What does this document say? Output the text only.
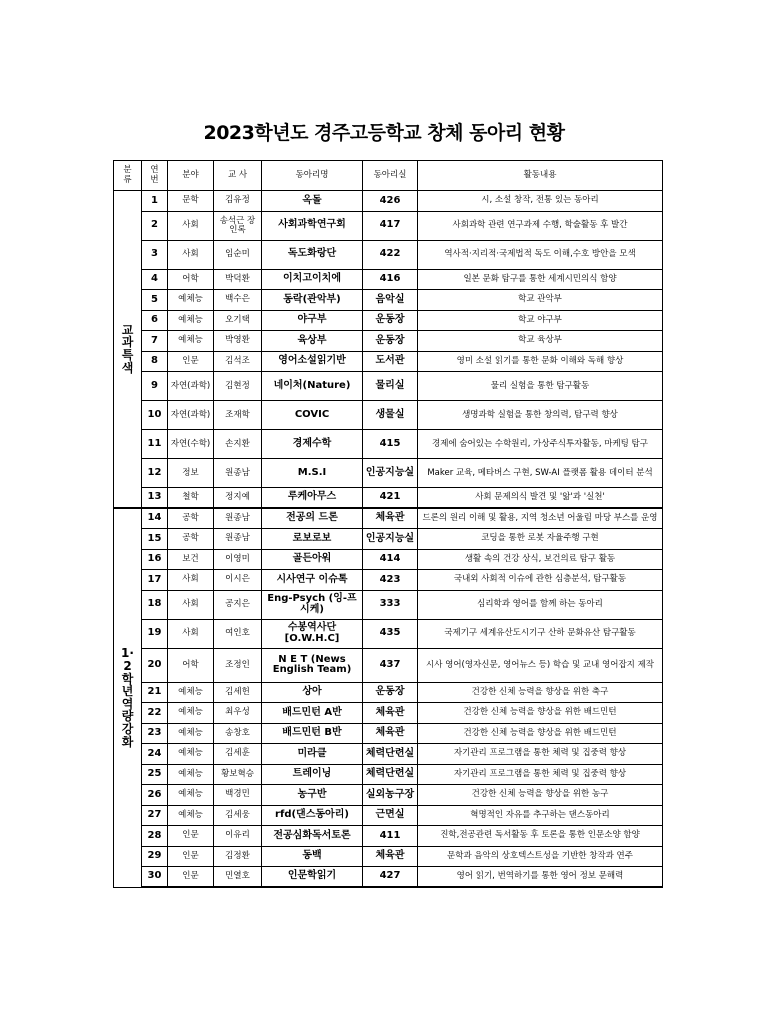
2023학년도 경주고등학교 창체 동아리 현황
분류	연번	분야	교 사	동아리명	동아리실	활동내용
교과 특색	1	문학	김유정	옥돌	426	시, 소설 창작, 전통 있는 동아리
	2	사회	송석근 장인록	사회과학연구회	417	사회과학 관련 연구과제 수행, 학술활동 후 발간
	3	사회	임순미	독도화랑단	422	역사적·지리적·국제법적 독도 이해,수호 방안을 모색
	4	어학	박덕환	이치고이치에	416	일본 문화 탐구를 통한 세계시민의식 함양
	5	예체능	백수은	동락(관악부)	음악실	학교 관악부
	6	예체능	오기택	야구부	운동장	학교 야구부
	7	예체능	박영환	육상부	운동장	학교 육상부
	8	인문	김석조	영어소설읽기반	도서관	영미 소설 읽기를 통한 문화 이해와 독해 향상
	9	자연(과학)	김현정	네이처(Nature)	물리실	물리 실험을 통한 탐구활동
	10	자연(과학)	조재학	COVIC	생물실	생명과학 실험을 통한 창의력, 탐구력 향상
	11	자연(수학)	손지환	경제수학	415	경제에 숨어있는 수학원리, 가상주식투자활동, 마케팅 탐구
	12	정보	원종남	M.S.I	인공지능실	Maker 교육, 메타버스 구현, SW-AI 플랫폼 활용 데이터 분석
	13	철학	정지예	루케아무스	421	사회 문제의식 발견 및 '앎'과 '실천'
1·2학년 역량 강화	14	공학	원종남	전공의 드론	체육관	드론의 원리 이해 및 활용, 지역 청소년 어울림 마당 부스를 운영
	15	공학	원종남	로보로보	인공지능실	코딩을 통한 로봇 자율주행 구현
	16	보건	이영미	골든아워	414	생활 속의 건강 상식, 보건의료 탐구 활동
	17	사회	이시은	시사연구 이슈톡	423	국내외 사회적 이슈에 관한 심층분석, 탐구활동
	18	사회	공지은	Eng-Psych (잉-프시케)	333	심리학과 영어를 함께 하는 동아리
	19	사회	여인호	수봉역사단 [O.W.H.C]	435	국제기구 세계유산도시기구 산하 문화유산 탐구활동
	20	어학	조정인	N E T (News English Team)	437	시사 영어(영자신문, 영어뉴스 등) 학습 및 교내 영어잡지 제작
	21	예체능	김세헌	상아	운동장	건강한 신체 능력을 향상을 위한 축구
	22	예체능	최우성	배드민턴 A반	체육관	건강한 신체 능력을 향상을 위한 배드민턴
	23	예체능	송창호	배드민턴 B반	체육관	건강한 신체 능력을 향상을 위한 배드민턴
	24	예체능	김세훈	미라클	체력단련실	자기관리 프로그램을 통한 체력 및 집중력 향상
	25	예체능	황보혁승	트레이닝	체력단련실	자기관리 프로그램을 통한 체력 및 집중력 향상
	26	예체능	백경민	농구반	실외농구장	건강한 신체 능력을 향상을 위한 농구
	27	예체능	김세웅	rfd(댄스동아리)	근면실	혁명적인 자유를 추구하는 댄스동아리
	28	인문	이유리	전공심화독서토론	411	진학,전공관련 독서활동 후 토론을 통한 인문소양 함양
	29	인문	김정환	동백	체육관	문학과 음악의 상호텍스트성을 기반한 창작과 연주
	30	인문	민열호	인문학읽기	427	영어 읽기, 번역하기를 통한 영어 정보 문해력
